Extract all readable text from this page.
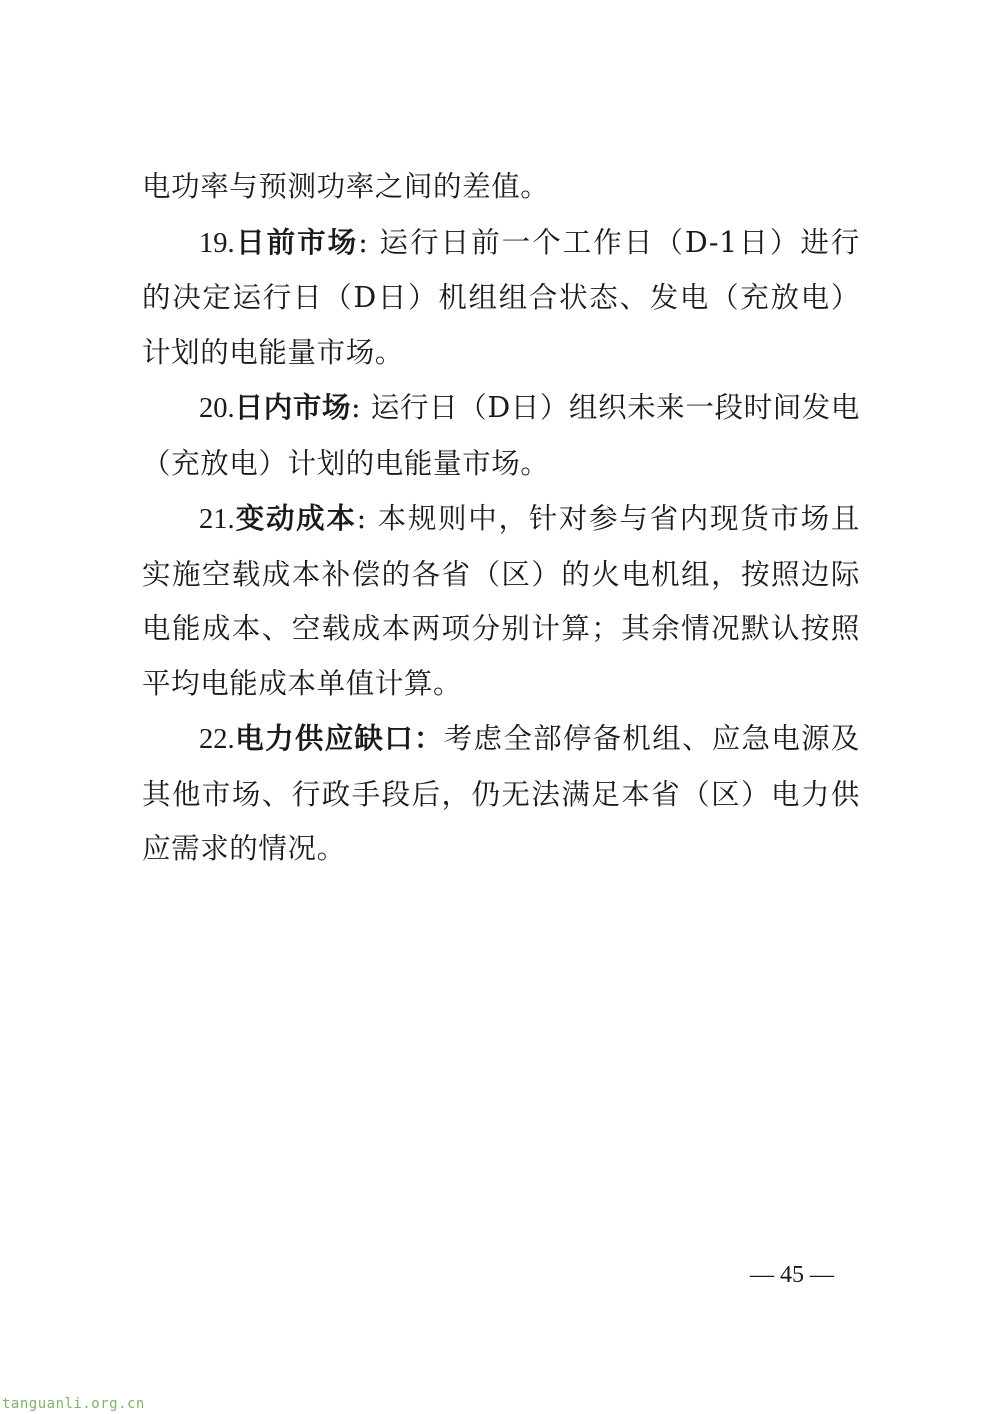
电功率与预测功率之间的差值。

19.日前市场: 运行日前一个工作日（D-1日）进行的决定运行日（D日）机组组合状态、发电（充放电）计划的电能量市场。

20.日内市场: 运行日（D日）组织未来一段时间发电（充放电）计划的电能量市场。

21.变动成本: 本规则中，针对参与省内现货市场且实施空载成本补偿的各省（区）的火电机组，按照边际电能成本、空载成本两项分别计算；其余情况默认按照平均电能成本单值计算。

22.电力供应缺口：考虑全部停备机组、应急电源及其他市场、行政手段后，仍无法满足本省（区）电力供应需求的情况。

— 45 —
tanguanli.org.cn
